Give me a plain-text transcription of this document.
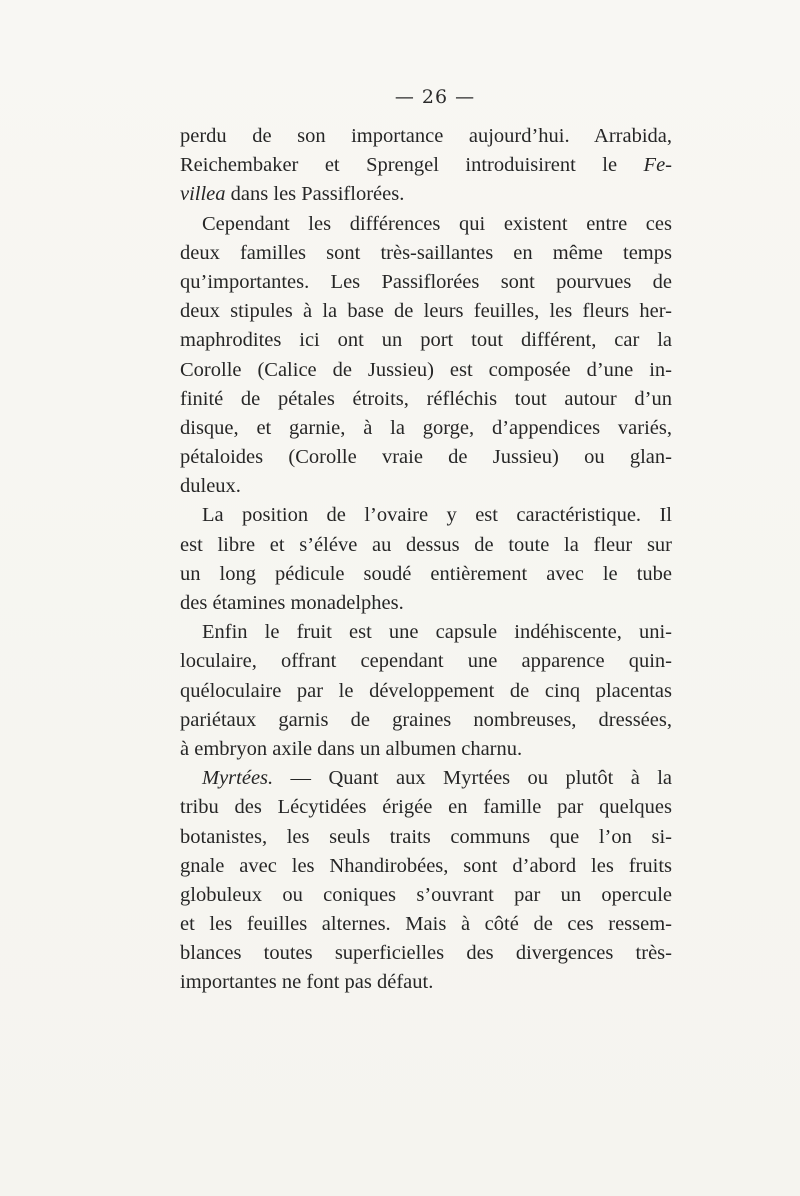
— 26 —
perdu de son importance aujourd’hui. Arrabida,
Reichembaker et Sprengel introduisirent le Fe-
villea dans les Passiflorées.
Cependant les différences qui existent entre ces
deux familles sont très-saillantes en même temps
qu’importantes. Les Passiflorées sont pourvues de
deux stipules à la base de leurs feuilles, les fleurs her-
maphrodites ici ont un port tout différent, car la
Corolle (Calice de Jussieu) est composée d’une in-
finité de pétales étroits, réfléchis tout autour d’un
disque, et garnie, à la gorge, d’appendices variés,
pétaloides (Corolle vraie de Jussieu) ou glan-
duleux.
La position de l’ovaire y est caractéristique. Il
est libre et s’éléve au dessus de toute la fleur sur
un long pédicule soudé entièrement avec le tube
des étamines monadelphes.
Enfin le fruit est une capsule indéhiscente, uni-
loculaire, offrant cependant une apparence quin-
quéloculaire par le développement de cinq placentas
pariétaux garnis de graines nombreuses, dressées,
à embryon axile dans un albumen charnu.
Myrtées. — Quant aux Myrtées ou plutôt à la
tribu des Lécytidées érigée en famille par quelques
botanistes, les seuls traits communs que l’on si-
gnale avec les Nhandirobées, sont d’abord les fruits
globuleux ou coniques s’ouvrant par un opercule
et les feuilles alternes. Mais à côté de ces ressem-
blances toutes superficielles des divergences très-
importantes ne font pas défaut.
